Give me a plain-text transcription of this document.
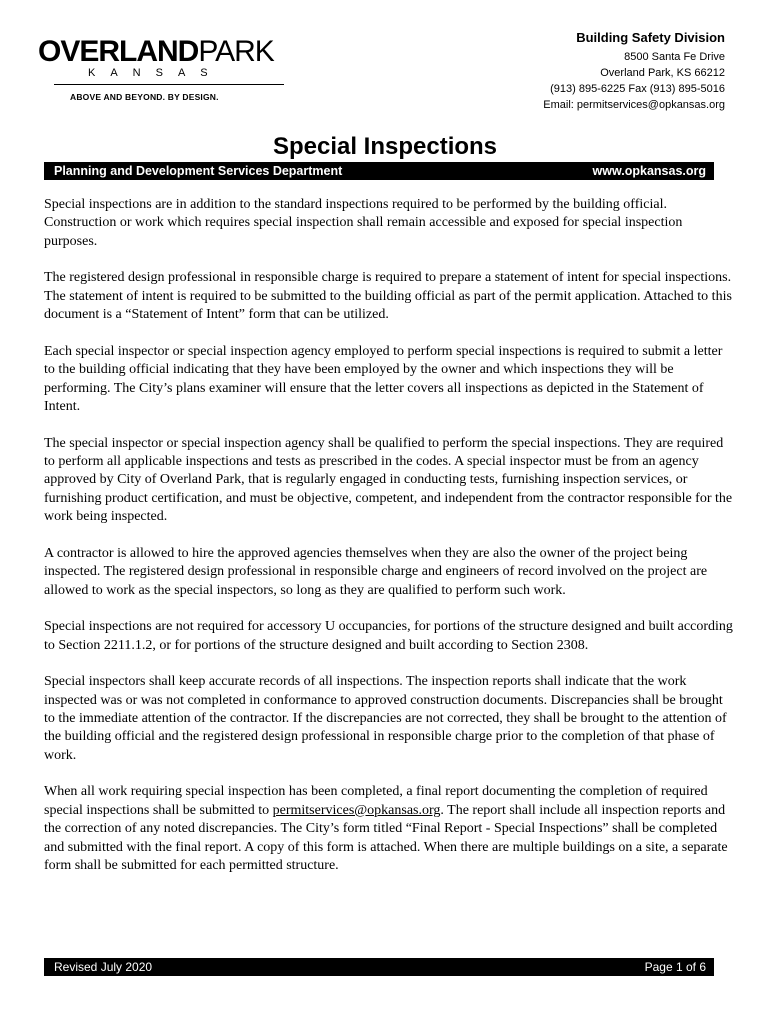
OVERLANDPARK
KANSAS
ABOVE AND BEYOND. BY DESIGN.
Building Safety Division
8500 Santa Fe Drive
Overland Park, KS 66212
(913) 895-6225 Fax (913) 895-5016
Email: permitservices@opkansas.org
Special Inspections
Planning and Development Services Department	www.opkansas.org

Special inspections are in addition to the standard inspections required to be performed by the building official. Construction or work which requires special inspection shall remain accessible and exposed for special inspection purposes.

The registered design professional in responsible charge is required to prepare a statement of intent for special inspections. The statement of intent is required to be submitted to the building official as part of the permit application. Attached to this document is a “Statement of Intent” form that can be utilized.

Each special inspector or special inspection agency employed to perform special inspections is required to submit a letter to the building official indicating that they have been employed by the owner and which inspections they will be performing. The City’s plans examiner will ensure that the letter covers all inspections as depicted in the Statement of Intent.

The special inspector or special inspection agency shall be qualified to perform the special inspections. They are required to perform all applicable inspections and tests as prescribed in the codes. A special inspector must be from an agency approved by City of Overland Park, that is regularly engaged in conducting tests, furnishing inspection services, or furnishing product certification, and must be objective, competent, and independent from the contractor responsible for the work being inspected.

A contractor is allowed to hire the approved agencies themselves when they are also the owner of the project being inspected. The registered design professional in responsible charge and engineers of record involved on the project are allowed to work as the special inspectors, so long as they are qualified to perform such work.

Special inspections are not required for accessory U occupancies, for portions of the structure designed and built according to Section 2211.1.2, or for portions of the structure designed and built according to Section 2308.

Special inspectors shall keep accurate records of all inspections. The inspection reports shall indicate that the work inspected was or was not completed in conformance to approved construction documents. Discrepancies shall be brought to the immediate attention of the contractor. If the discrepancies are not corrected, they shall be brought to the attention of the building official and the registered design professional in responsible charge prior to the completion of that phase of work.

When all work requiring special inspection has been completed, a final report documenting the completion of required special inspections shall be submitted to permitservices@opkansas.org. The report shall include all inspection reports and the correction of any noted discrepancies. The City’s form titled “Final Report - Special Inspections” shall be completed and submitted with the final report. A copy of this form is attached. When there are multiple buildings on a site, a separate form shall be submitted for each permitted structure.

Revised July 2020	Page 1 of 6
